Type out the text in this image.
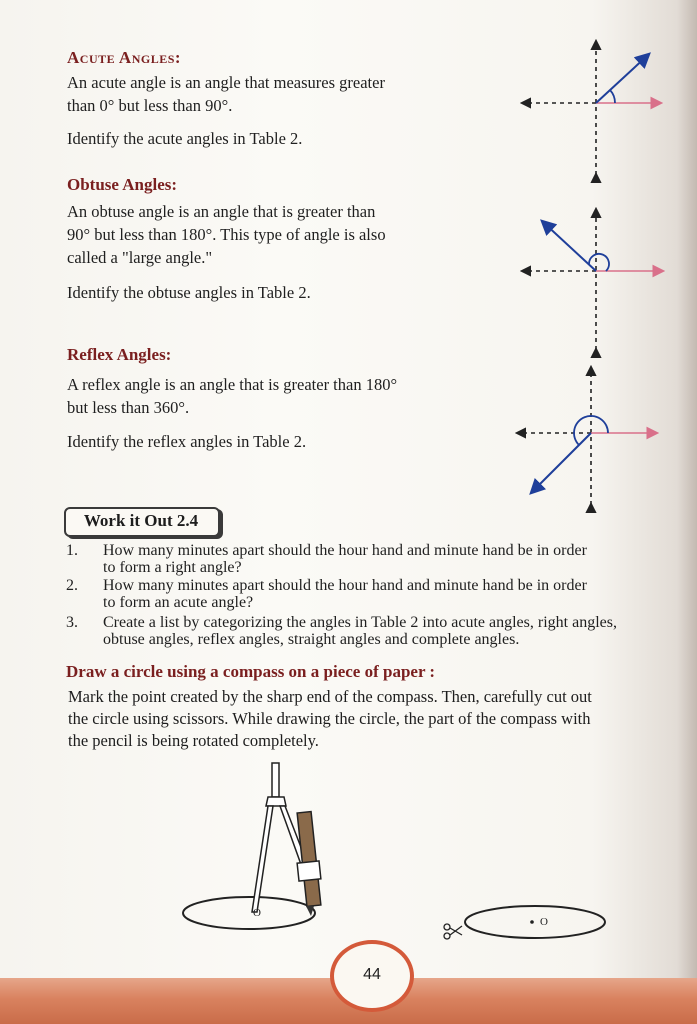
Acute Angles:
An acute angle is an angle that measures greater
than 0° but less than 90°.
Identify the acute angles in Table 2.
Obtuse Angles:
An obtuse angle is an angle that is greater than
90° but less than 180°. This type of angle is also
called a "large angle."
Identify the obtuse angles in Table 2.
Reflex Angles:
A reflex angle is an angle that is greater than 180°
but less than 360°.
Identify the reflex angles in Table 2.
Work it Out 2.4
1. How many minutes apart should the hour hand and minute hand be in order
to form a right angle?
2. How many minutes apart should the hour hand and minute hand be in order
to form an acute angle?
3. Create a list by categorizing the angles in Table 2 into acute angles, right angles,
obtuse angles, reflex angles, straight angles and complete angles.
Draw a circle using a compass on a piece of paper :
Mark the point created by the sharp end of the compass. Then, carefully cut out
the circle using scissors. While drawing the circle, the part of the compass with
the pencil is being rotated completely.
O
O
44
